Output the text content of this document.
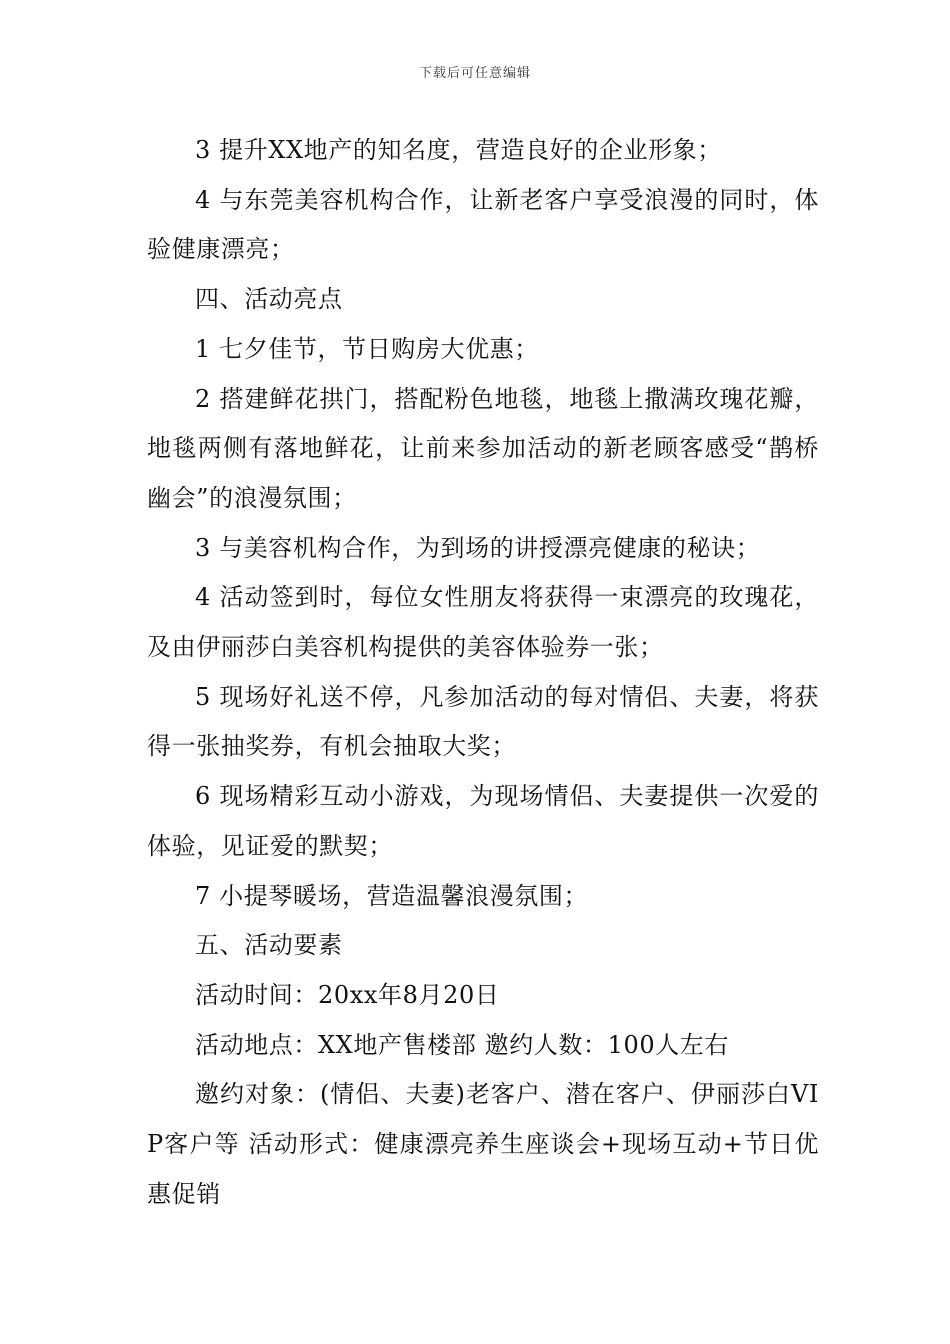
下载后可任意编辑

3 提升XX地产的知名度，营造良好的企业形象；

4 与东莞美容机构合作，让新老客户享受浪漫的同时，体验健康漂亮；

四、活动亮点

1 七夕佳节，节日购房大优惠；

2 搭建鲜花拱门，搭配粉色地毯，地毯上撒满玫瑰花瓣，地毯两侧有落地鲜花，让前来参加活动的新老顾客感受“鹊桥幽会”的浪漫氛围；

3 与美容机构合作，为到场的讲授漂亮健康的秘诀；

4 活动签到时，每位女性朋友将获得一束漂亮的玫瑰花，及由伊丽莎白美容机构提供的美容体验券一张；

5 现场好礼送不停，凡参加活动的每对情侣、夫妻，将获得一张抽奖券，有机会抽取大奖；

6 现场精彩互动小游戏，为现场情侣、夫妻提供一次爱的体验，见证爱的默契；

7 小提琴暖场，营造温馨浪漫氛围；

五、活动要素

活动时间：20xx年8月20日

活动地点：XX地产售楼部 邀约人数：100人左右

邀约对象：(情侣、夫妻)老客户、潜在客户、伊丽莎白VIP客户等 活动形式：健康漂亮养生座谈会+现场互动+节日优惠促销
